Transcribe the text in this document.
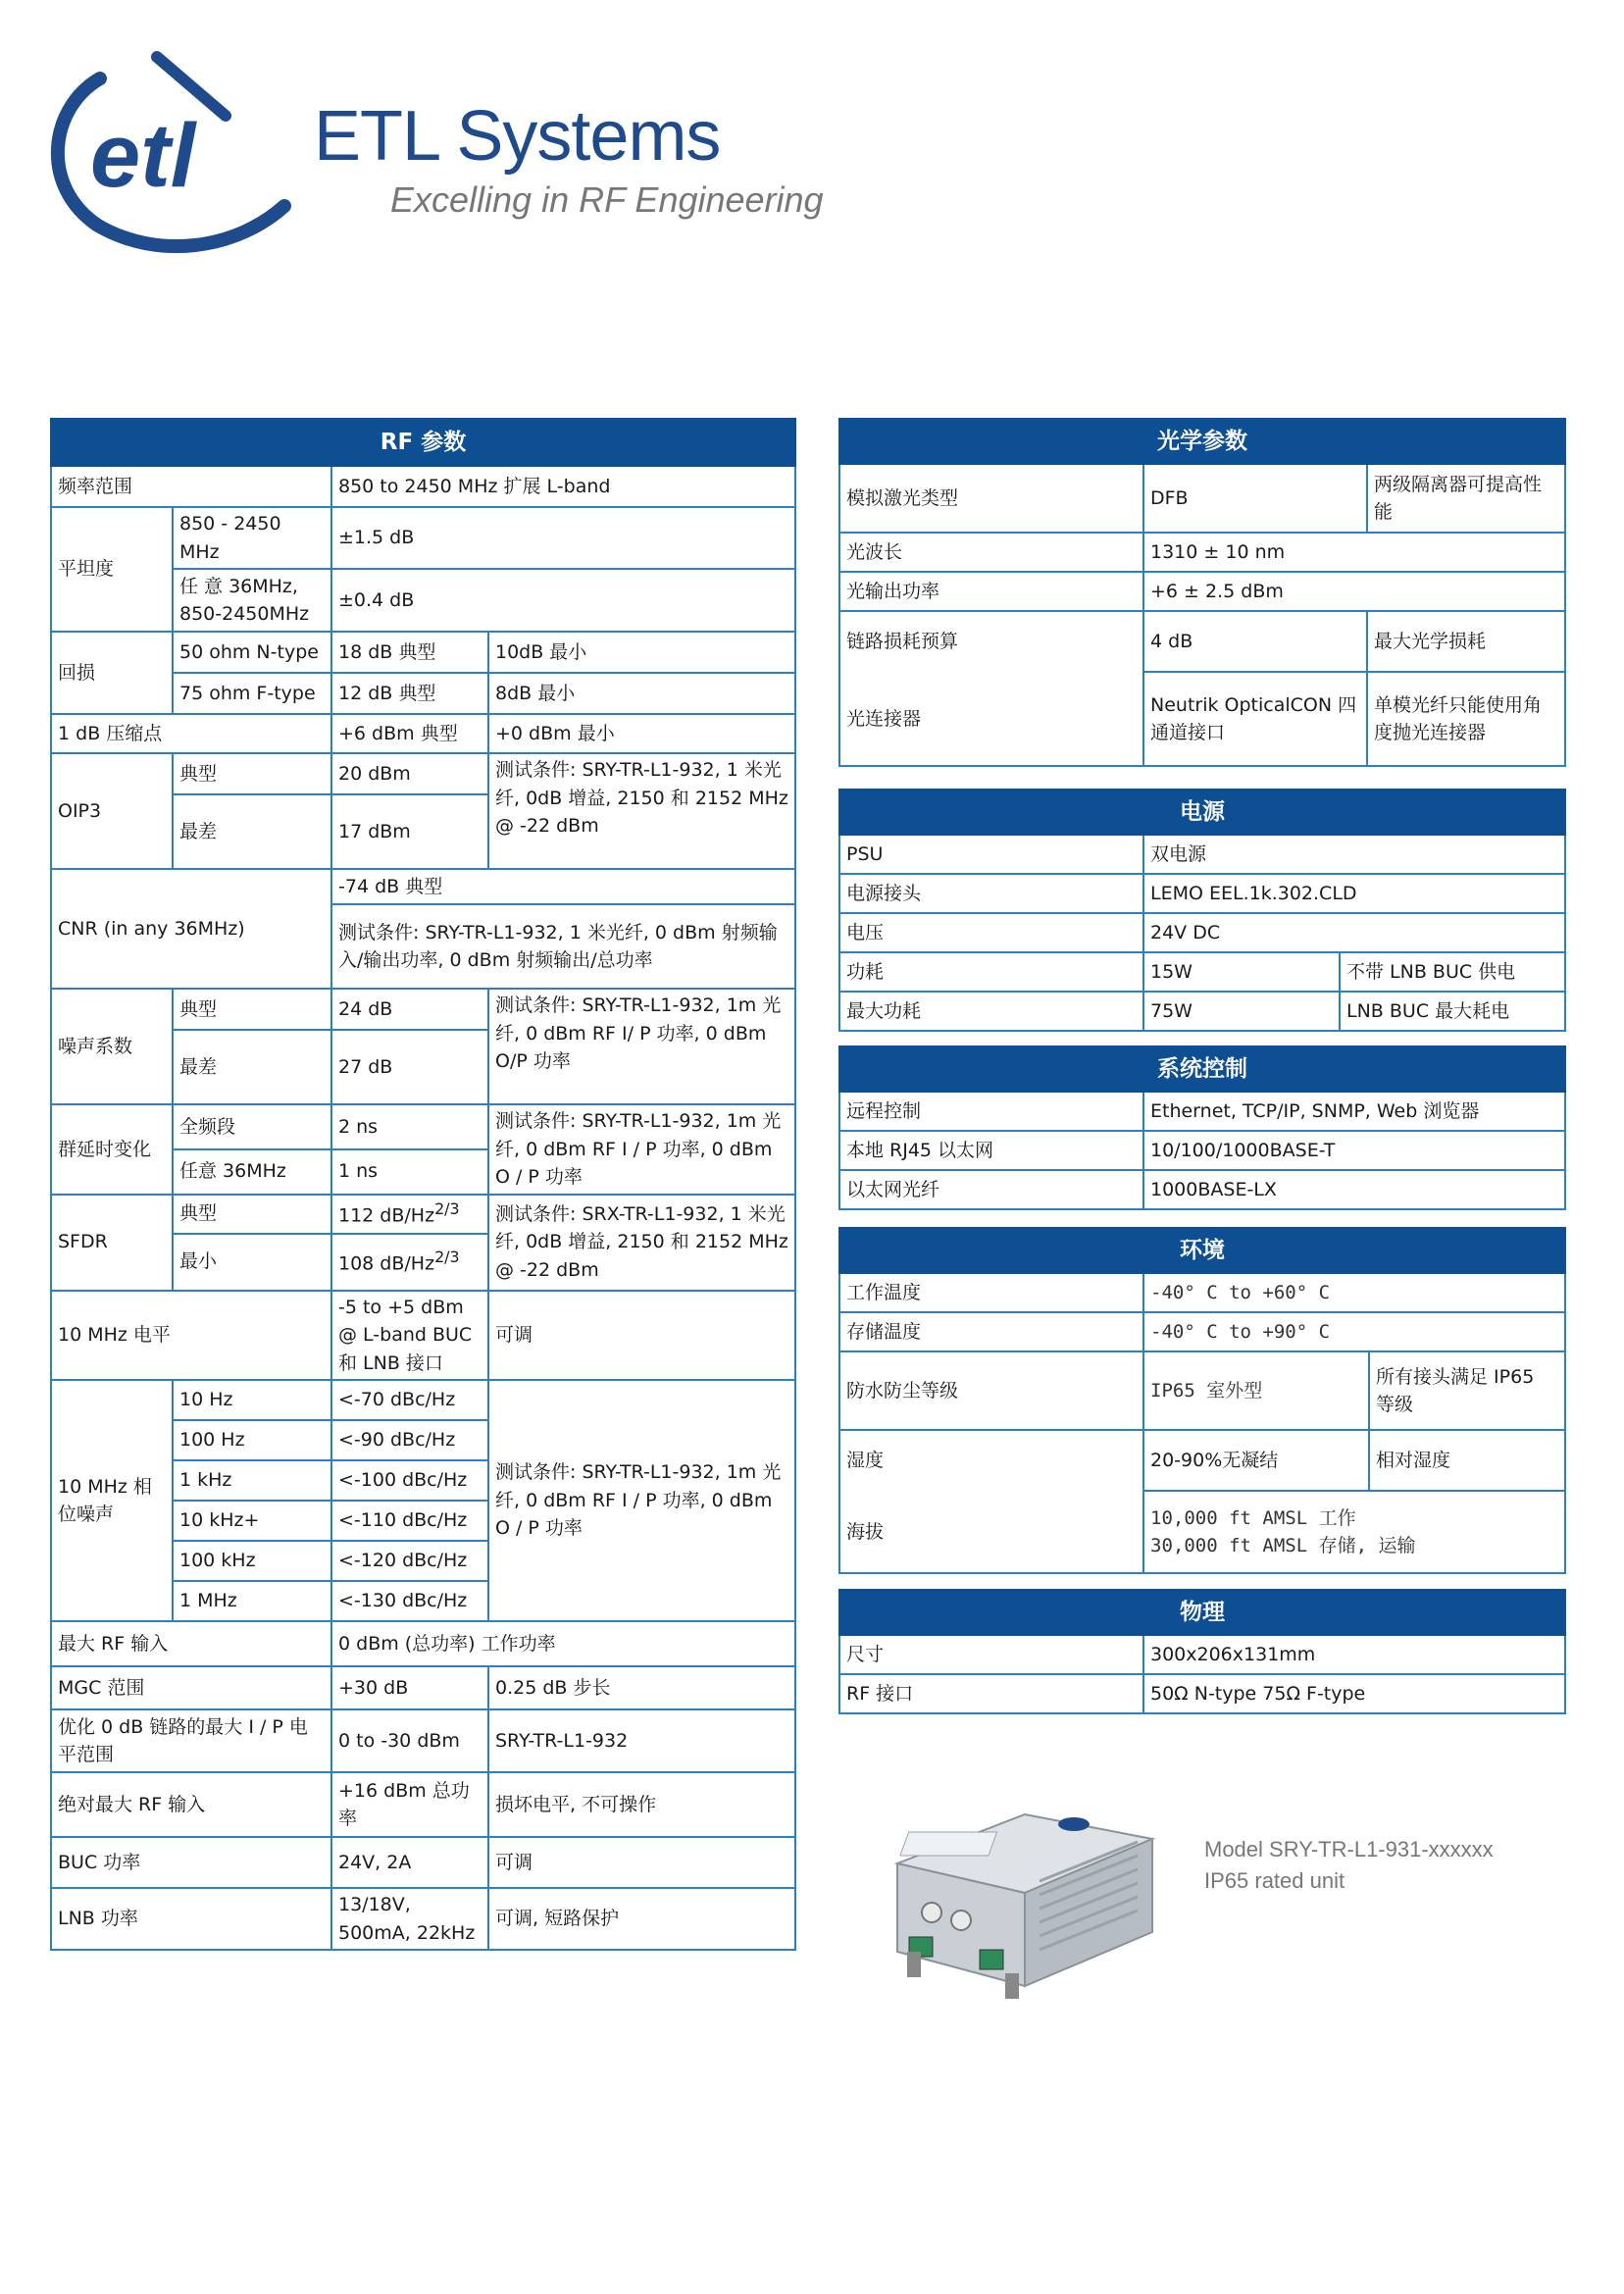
etl ETL Systems
Excelling in RF Engineering
RF 参数			
频率范围		850 to 2450 MHz 扩展 L-band	
平坦度	850 - 2450 MHz	±1.5 dB	
	任 意 36MHz, 850-2450MHz	±0.4 dB	
回损	50 ohm N-type	18 dB 典型	10dB 最小
	75 ohm F-type	12 dB 典型	8dB 最小
1 dB 压缩点		+6 dBm 典型	+0 dBm 最小
OIP3	典型	20 dBm	测试条件: SRY-TR-L1-932, 1 米光纤, 0dB 增益, 2150 和 2152 MHz @ -22 dBm
	最差	17 dBm	
CNR (in any 36MHz)		-74 dB 典型	
		测试条件: SRY-TR-L1-932, 1 米光纤, 0 dBm 射频输入/输出功率, 0 dBm 射频输出/总功率	
噪声系数	典型	24 dB	测试条件: SRY-TR-L1-932, 1m 光纤, 0 dBm RF I/ P 功率, 0 dBm O/P 功率
	最差	27 dB	
群延时变化	全频段	2 ns	测试条件: SRY-TR-L1-932, 1m 光纤, 0 dBm RF I / P 功率, 0 dBm O / P 功率
	任意 36MHz	1 ns	
SFDR	典型	112 $dB/Hz^{2/3}$	测试条件: SRX-TR-L1-932, 1 米光纤, 0dB 增益, 2150 和 2152 MHz @ -22 dBm
	最小	108 $dB/Hz^{2/3}$
10 MHz 电平		-5 to +5 dBm @ L-band BUC 和 LNB 接口	可调
10 MHz 相位噪声	10 Hz	<-70 dBc/Hz	测试条件: SRY-TR-L1-932, 1m 光纤, 0 dBm RF I / P 功率, 0 dBm O / P 功率
	100 Hz	<-90 dBc/Hz	
	1 kHz	<-100 dBc/Hz	
	10 kHz+	<-110 dBc/Hz	
	100 kHz	<-120 dBc/Hz	
	1 MHz	<-130 dBc/Hz	
最大 RF 输入		0 dBm (总功率) 工作功率	
MGC 范围		+30 dB	0.25 dB 步长
优化 0 dB 链路的最大 I / P 电平范围		0 to -30 dBm	SRY-TR-L1-932
绝对最大 RF 输入		+16 dBm 总功率	损坏电平, 不可操作
BUC 功率		24V, 2A	可调
LNB 功率		13/18V, 500mA, 22kHz	可调, 短路保护
光学参数		
模拟激光类型	DFB	两级隔离器可提高性能
光波长	1310 ± 10 nm	
光输出功率	+6 ± 2.5 dBm	
链路损耗预算	4 dB	最大光学损耗
光连接器	Neutrik OpticalCON 四通道接口	单模光纤只能使用角度抛光连接器
电源		
PSU	双电源	
电源接头	LEMO EEL.1k.302.CLD	
电压	24V DC	
功耗	15W	不带 LNB BUC 供电
最大功耗	75W	LNB BUC 最大耗电
系统控制	
远程控制	Ethernet, TCP/IP, SNMP, Web 浏览器
本地 RJ45 以太网	10/100/1000BASE-T
以太网光纤	1000BASE-LX
环境		
工作温度	-40° C to +60° C	
存储温度	-40° C to +90° C	
防水防尘等级	IP65 室外型	所有接头满足 IP65 等级
湿度	20-90%无凝结	相对湿度
海拔	10,000 ft AMSL 工作
30,000 ft AMSL 存储, 运输	
物理	
尺寸	300x206x131mm
RF 接口	50Ω N-type 75Ω F-type
Model SRY-TR-L1-931-xxxxxx
IP65 rated unit
